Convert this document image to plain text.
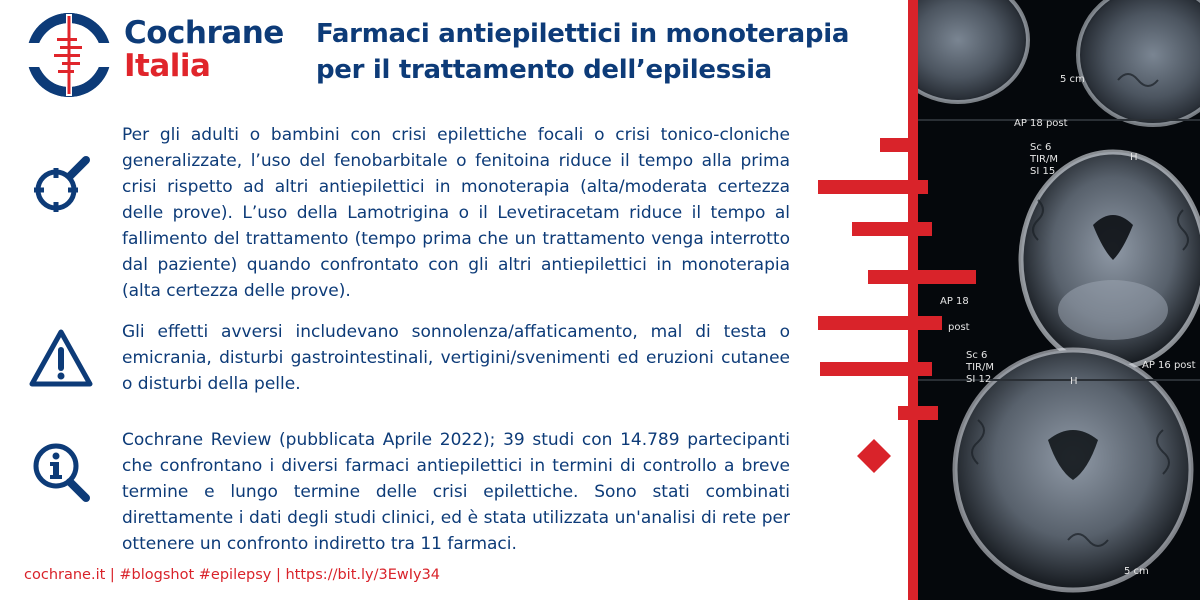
Cochrane
Italia
Farmaci antiepilettici in monoterapia
per il trattamento dell’epilessia
Per gli adulti o bambini con crisi epilettiche focali o crisi tonico-cloniche generalizzate, l’uso del fenobarbitale o fenitoina riduce il tempo alla prima crisi rispetto ad altri antiepilettici in monoterapia (alta/moderata certezza delle prove). L’uso della Lamotrigina o il Levetiracetam riduce il tempo al fallimento del trattamento (tempo prima che un trattamento venga interrotto dal paziente) quando confrontato con gli altri antiepilettici in monoterapia (alta certezza delle prove).
Gli effetti avversi includevano sonnolenza/affaticamento, mal di testa o emicrania, disturbi gastrointestinali, vertigini/svenimenti ed eruzioni cutanee o disturbi della pelle.
Cochrane Review (pubblicata Aprile 2022); 39 studi con 14.789 partecipanti che confrontano i diversi farmaci antiepilettici in termini di controllo a breve termine e lungo termine delle crisi epilettiche. Sono stati combinati direttamente i dati degli studi clinici, ed è stata utilizzata un'analisi di rete per ottenere un confronto indiretto tra 11 farmaci.
cochrane.it | #blogshot #epilepsy | https://bit.ly/3EwIy34
5 cm
AP 18 post
Sc 6
TIR/M
SI 15
H
AP 18
post
Sc 6
TIR/M
SI 12
AP 16 post
H
5 cm
